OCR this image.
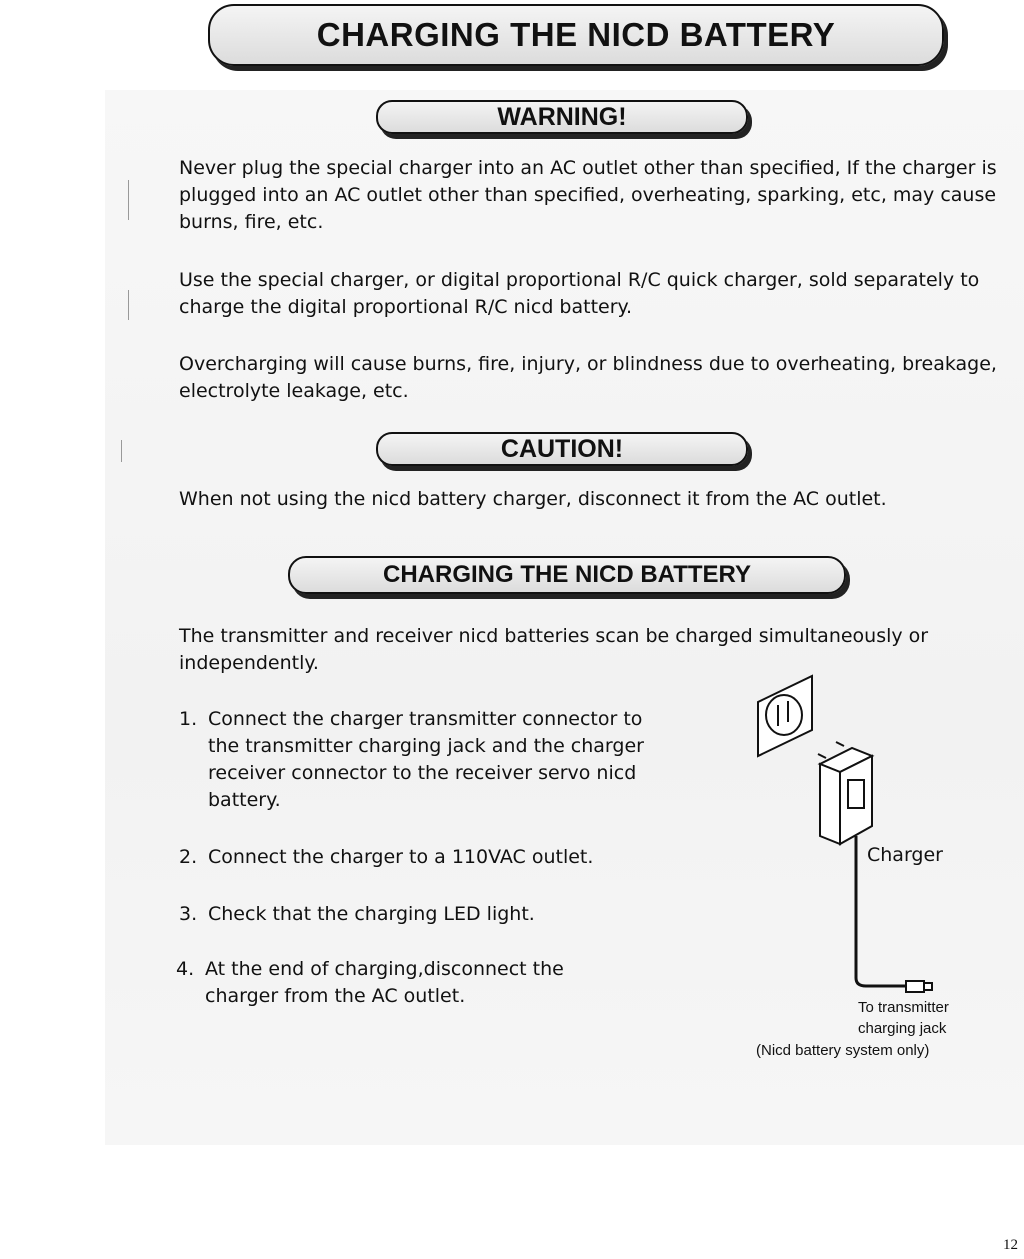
CHARGING THE NICD BATTERY
WARNING!

Never plug the special charger into an AC outlet other than specified, If the charger is plugged into an AC outlet other than specified, overheating, sparking, etc, may cause burns, fire, etc.

Use the special charger, or digital proportional R/C quick charger, sold separately to charge the digital proportional R/C nicd battery.

Overcharging will cause burns, fire, injury, or blindness due to overheating, breakage, electrolyte leakage, etc.

CAUTION!

When not using the nicd battery charger, disconnect it from the AC outlet.

CHARGING THE NICD BATTERY

The transmitter and receiver nicd batteries scan be charged simultaneously or independently.

1. Connect the charger transmitter connector to the transmitter charging jack and the charger receiver connector to the receiver servo nicd battery.
2. Connect the charger to a 110VAC outlet.
3. Check that the charging LED light.
4. At the end of charging,disconnect the charger from the AC outlet.
Charger
To transmitter
charging jack
(Nicd battery system only)
12
